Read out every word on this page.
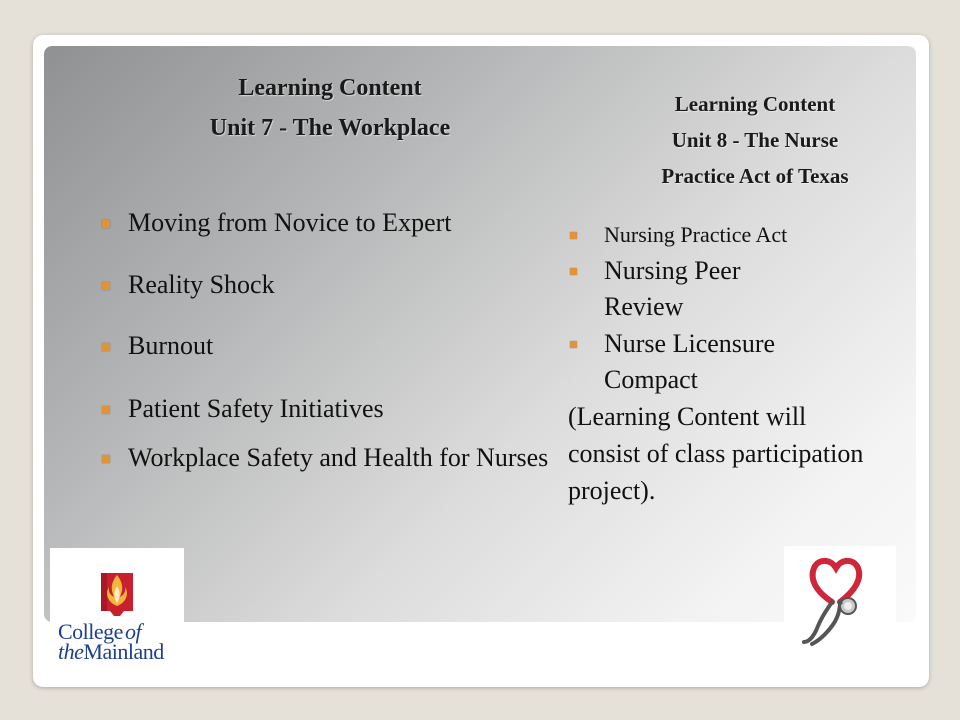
Learning Content
Unit 7 - The Workplace
Learning Content
Unit 8 - The Nurse
Practice Act of Texas
Moving from Novice to Expert
Reality Shock
Burnout
Patient Safety Initiatives
Workplace Safety and Health for Nurses
Nursing Practice Act
Nursing Peer Review
Nurse Licensure Compact
(Learning Content will consist of class participation project).
Collegeof
theMainland
